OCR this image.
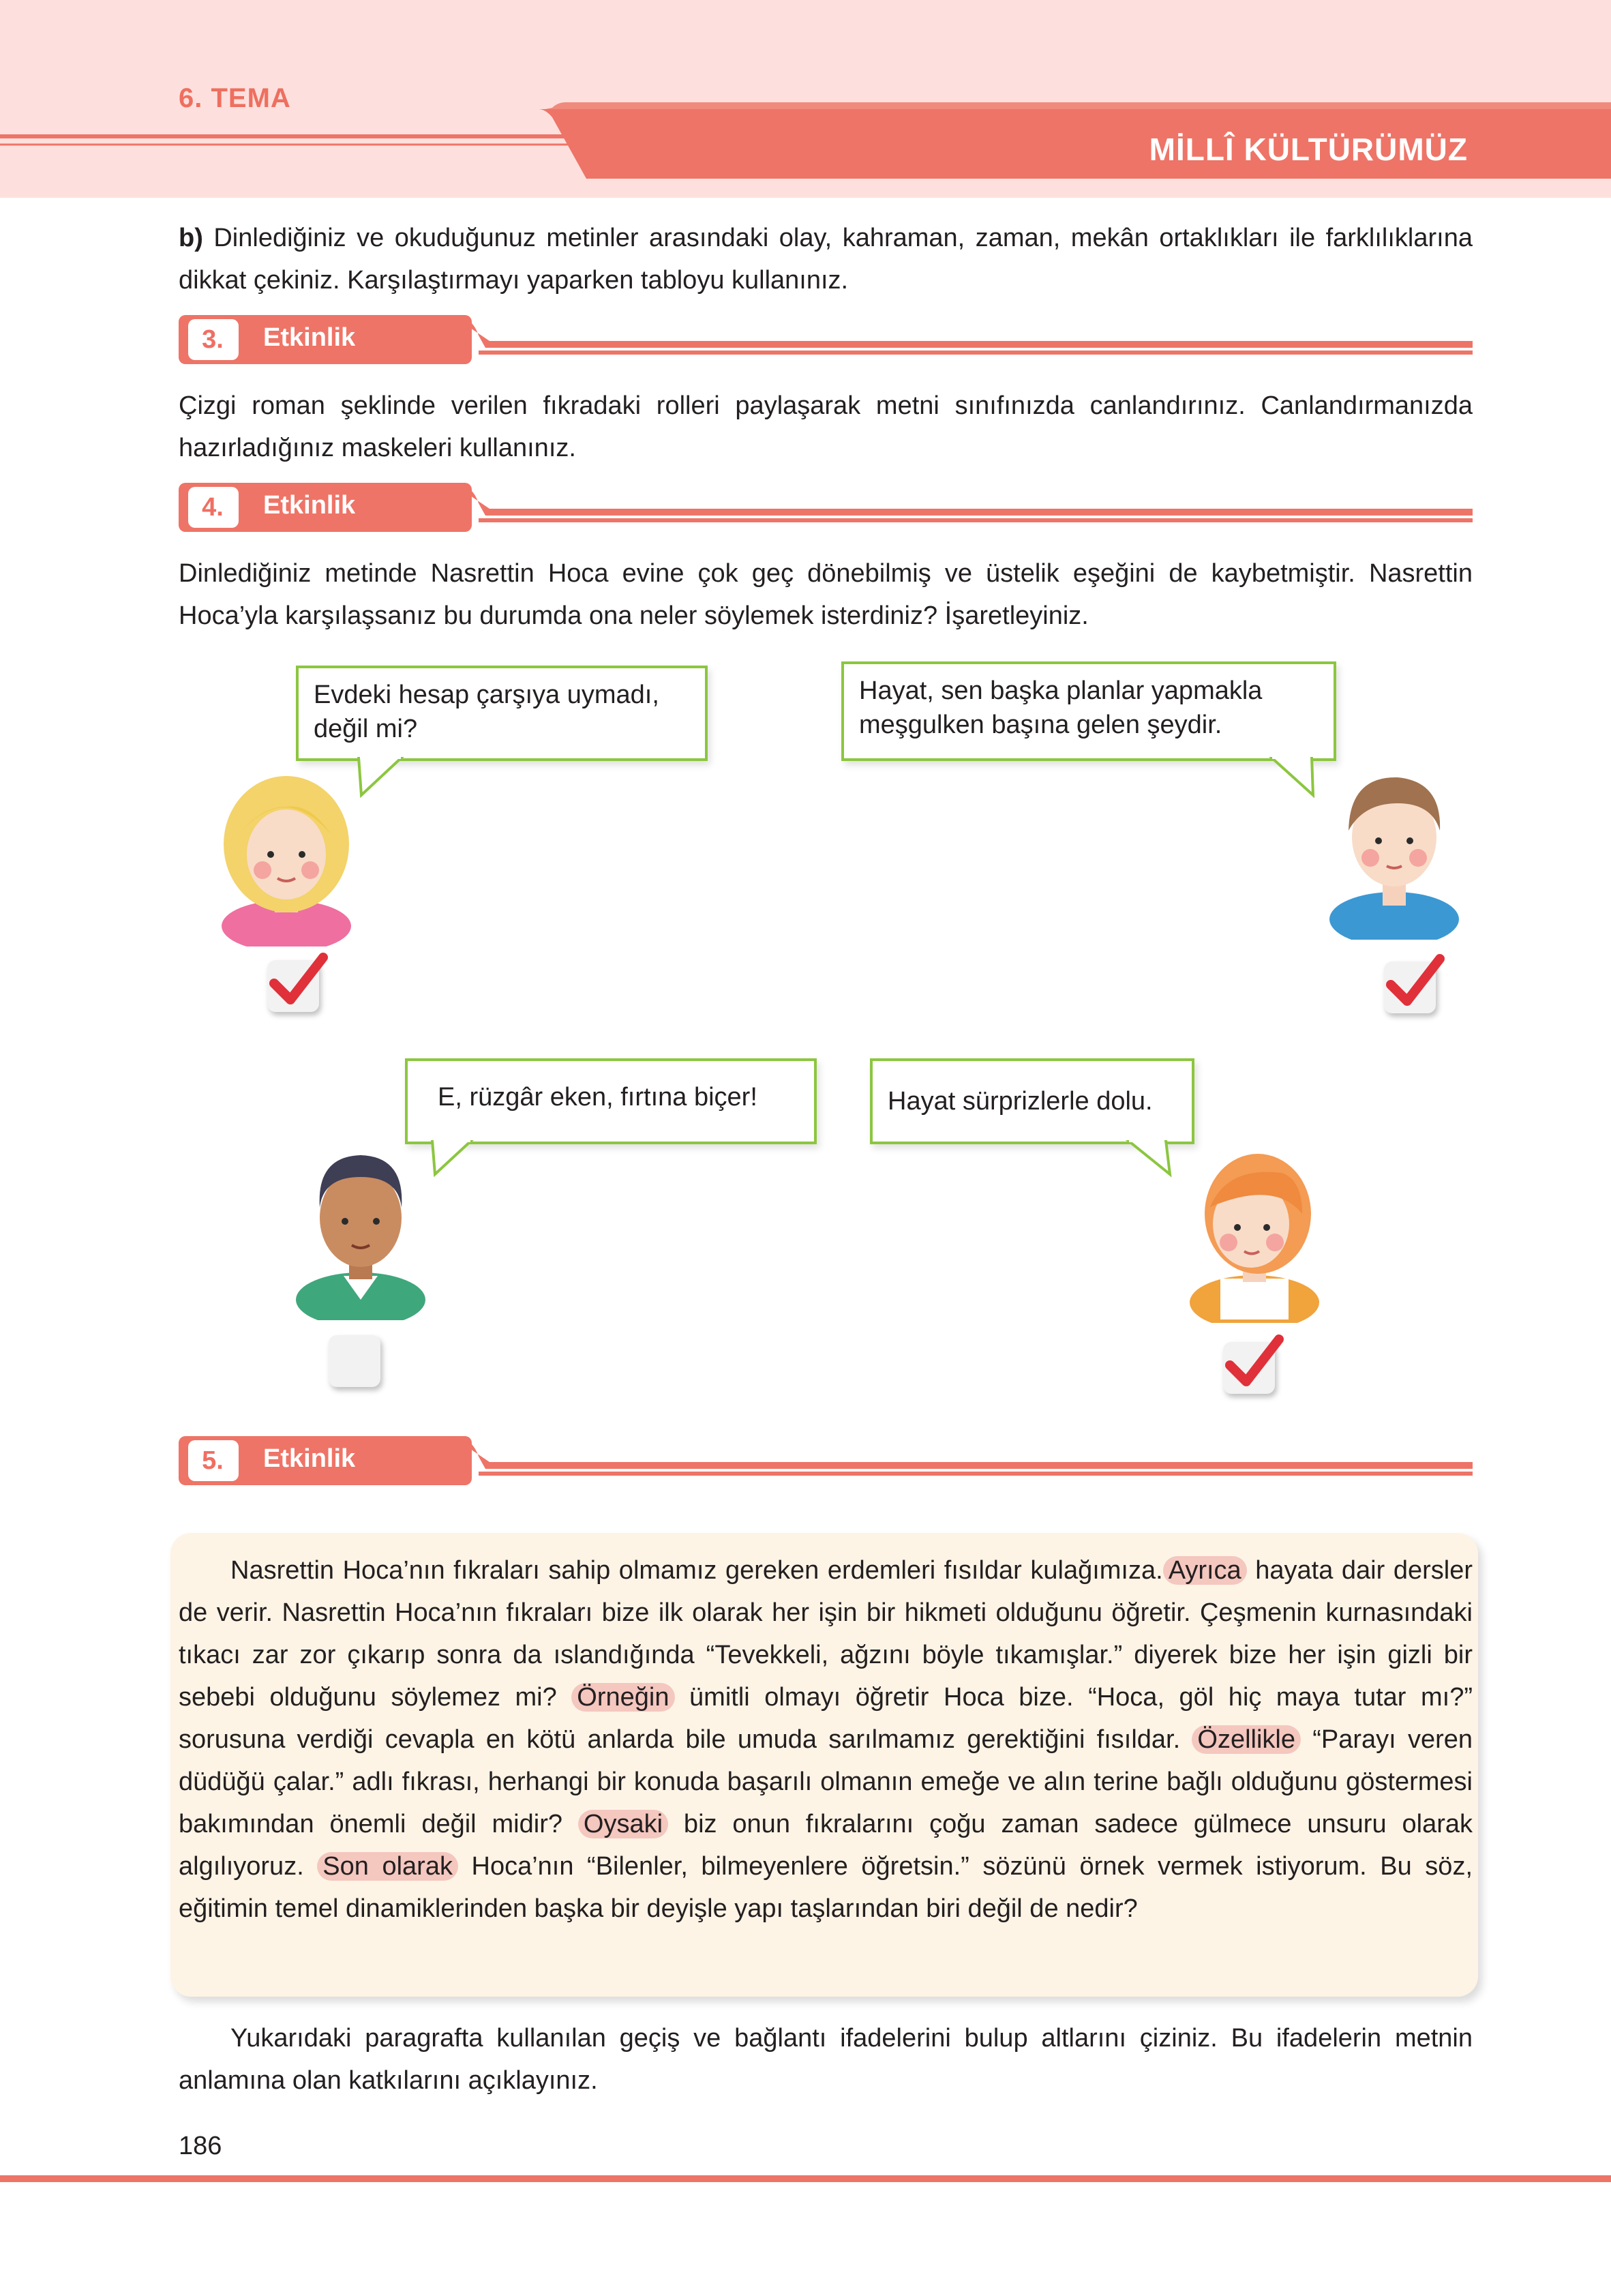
6. TEMA
MİLLÎ KÜLTÜRÜMÜZ
b) Dinlediğiniz ve okuduğunuz metinler arasındaki olay, kahraman, zaman, mekân ortaklıkları ile farklılıklarına dikkat çekiniz. Karşılaştırmayı yaparken tabloyu kullanınız.
3.	Etkinlik
Çizgi roman şeklinde verilen fıkradaki rolleri paylaşarak metni sınıfınızda canlandırınız. Canlandırmanızda hazırladığınız maskeleri kullanınız.
4.	Etkinlik
Dinlediğiniz metinde Nasrettin Hoca evine çok geç dönebilmiş ve üstelik eşeğini de kaybetmiştir. Nasrettin Hoca’yla karşılaşsanız bu durumda ona neler söylemek isterdiniz? İşaretleyiniz.
Evdeki hesap çarşıya uymadı, değil mi?
Hayat, sen başka planlar yapmakla meşgulken başına gelen şeydir.
E, rüzgâr eken, fırtına biçer!	Hayat sürprizlerle dolu.
5.	Etkinlik
Nasrettin Hoca’nın fıkraları sahip olmamız gereken erdemleri fısıldar kulağımıza. Ayrıca hayata dair dersler de verir. Nasrettin Hoca’nın fıkraları bize ilk olarak her işin bir hikmeti olduğunu öğretir. Çeşmenin kurnasındaki tıkacı zar zor çıkarıp sonra da ıslandığında “Tevekkeli, ağzını böyle tıkamışlar.” diyerek bize her işin gizli bir sebebi olduğunu söylemez mi? Örneğin ümitli olmayı öğretir Hoca bize. “Hoca, göl hiç maya tutar mı?” sorusuna verdiği cevapla en kötü anlarda bile umuda sarılmamız gerektiğini fısıldar. Özellikle “Parayı veren düdüğü çalar.” adlı fıkrası, herhangi bir konuda başarılı olmanın emeğe ve alın terine bağlı olduğunu göstermesi bakımından önemli değil midir? Oysaki biz onun fıkralarını çoğu zaman sadece gülmece unsuru olarak algılıyoruz. Son olarak Hoca’nın “Bilenler, bilmeyenlere öğretsin.” sözünü örnek vermek istiyorum. Bu söz, eğitimin temel dinamiklerinden başka bir deyişle yapı taşlarından biri değil de nedir?
Yukarıdaki paragrafta kullanılan geçiş ve bağlantı ifadelerini bulup altlarını çiziniz. Bu ifadelerin metnin anlamına olan katkılarını açıklayınız.
186
